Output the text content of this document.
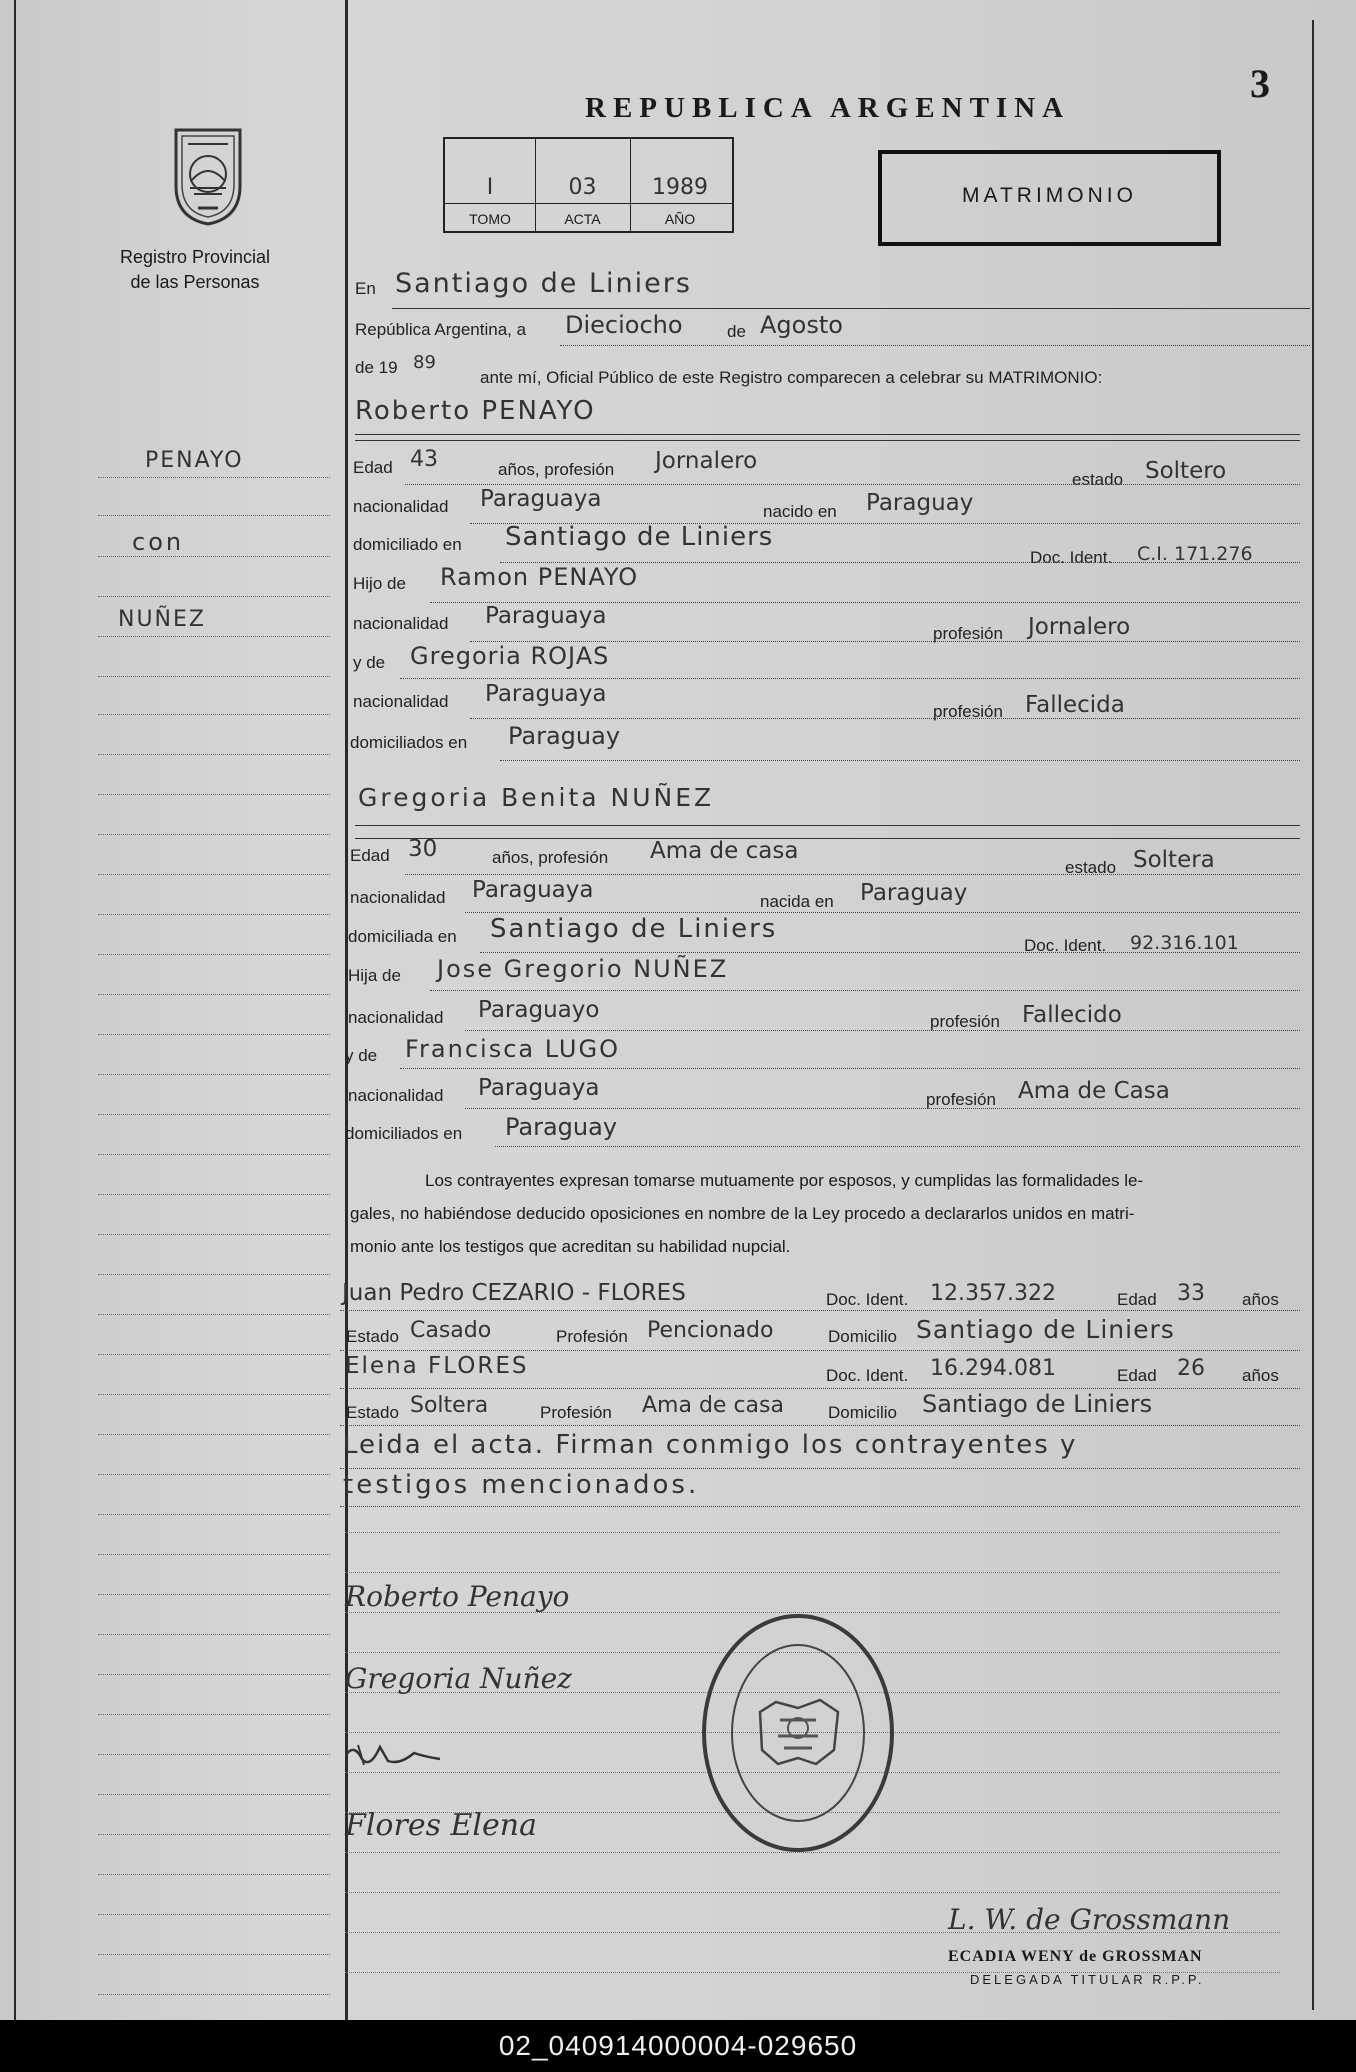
3
REPUBLICA ARGENTINA
Registro Provincial
de las Personas
I
TOMO
03
ACTA
1989
AÑO
MATRIMONIO
PENAYO
con
NUÑEZ
En Santiago de Liniers
República Argentina, a Dieciocho	de Agosto
de 19 89
ante mí, Oficial Público de este Registro comparecen a celebrar su MATRIMONIO:
Roberto PENAYO
Edad 43	años, profesión Jornalero
estado Soltero
nacionalidad Paraguaya	nacido en Paraguay
domiciliado en Santiago de Liniers
Doc. Ident. C.I. 171.276
Hijo de Ramon PENAYO
nacionalidad Paraguaya
profesión Jornalero
y de Gregoria ROJAS
nacionalidad Paraguaya
profesión Fallecida
domiciliados en Paraguay
Gregoria Benita NUÑEZ
Edad 30	años, profesión Ama de casa
estado Soltera
nacionalidad Paraguaya	nacida en Paraguay
domiciliada en Santiago de Liniers
Doc. Ident. 92.316.101
Hija de Jose Gregorio NUÑEZ
nacionalidad Paraguayo	profesión Fallecido
y de Francisca LUGO
nacionalidad Paraguaya	profesión Ama de Casa
domiciliados en Paraguay
Los contrayentes expresan tomarse mutuamente por esposos, y cumplidas las formalidades le-
gales, no habiéndose deducido oposiciones en nombre de la Ley procedo a declararlos unidos en matri-
monio ante los testigos que acreditan su habilidad nupcial.
Juan Pedro CEZARIO - FLORES	Doc. Ident. 12.357.322	Edad 33 años
Estado Casado	Profesión Pencionado	Domicilio Santiago de Liniers
Elena FLORES	Doc. Ident. 16.294.081	Edad 26 años
Estado Soltera	Profesión Ama de casa	Domicilio Santiago de Liniers
Leida el acta. Firman conmigo los contrayentes y
testigos mencionados.
Roberto Penayo
Gregoria Nuñez
Flores Elena
L. W. de Grossmann
ECADIA WENY de GROSSMAN
DELEGADA TITULAR R.P.P.
02_040914000004-029650
